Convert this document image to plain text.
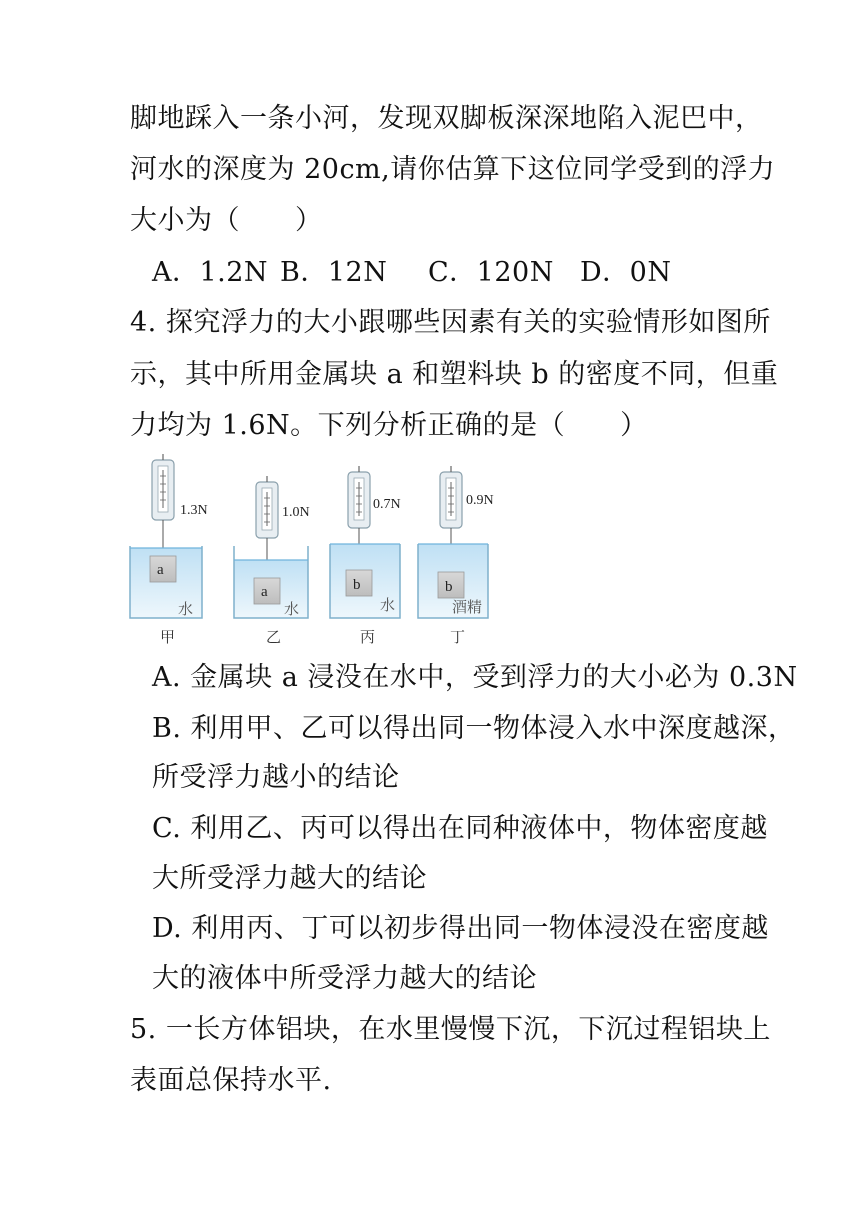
脚地踩入一条小河，发现双脚板深深地陷入泥巴中，
河水的深度为 20cm,请你估算下这位同学受到的浮力
大小为（　　）
A．1.2N B．12N C．120N D．0N
4. 探究浮力的大小跟哪些因素有关的实验情形如图所
示，其中所用金属块 a 和塑料块 b 的密度不同，但重
力均为 1.6N。下列分析正确的是（　　）
1.3N
a
水
甲
1.0N
a
水
乙
0.7N
b
水
丙
0.9N
b
酒精
丁
A. 金属块 a 浸没在水中，受到浮力的大小必为 0.3N
B. 利用甲、乙可以得出同一物体浸入水中深度越深，
所受浮力越小的结论
C. 利用乙、丙可以得出在同种液体中，物体密度越
大所受浮力越大的结论
D. 利用丙、丁可以初步得出同一物体浸没在密度越
大的液体中所受浮力越大的结论
5. 一长方体铝块，在水里慢慢下沉，下沉过程铝块上
表面总保持水平.
